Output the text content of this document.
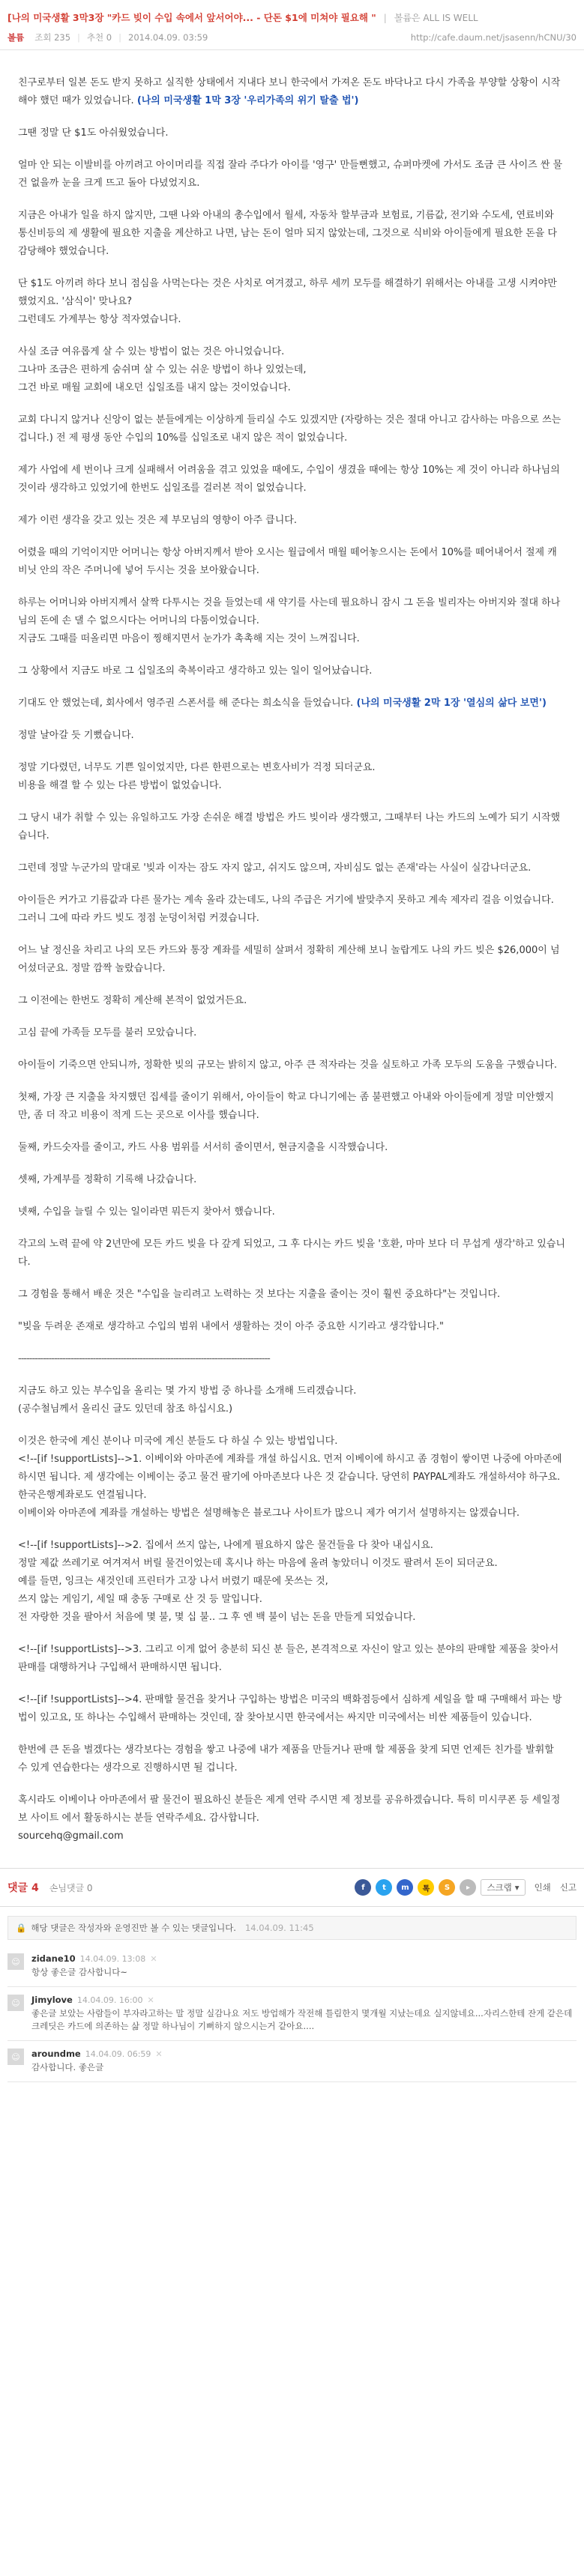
[나의 미국생활 3막3장 "카드 빚이 수입 속에서 앞서어야... - 단돈 $1에 미쳐야 필요해 " | 볼륨은 ALL IS WELL
볼륨 조회 235 | 추천 0 | 2014.04.09. 03:59	http://cafe.daum.net/jsasenn/hCNU/30

친구로부터 일본 돈도 받지 못하고 실직한 상태에서 지내다 보니 한국에서 가져온 돈도 바닥나고 다시 가족을 부양할 상황이 시작해야 했던 때가 있었습니다. (나의 미국생활 1막 3장 '우리가족의 위기 탈출 법')

그땐 정말 단 $1도 아쉬웠었습니다.

얼마 안 되는 이발비를 아끼려고 아이머리를 직접 잘라 주다가 아이를 '영구' 만들뻔했고, 슈퍼마켓에 가서도 조금 큰 사이즈 싼 물건 없을까 눈을 크게 뜨고 돌아 다녔었지요.

지금은 아내가 일을 하지 않지만, 그땐 나와 아내의 총수입에서 월세, 자동차 할부금과 보험료, 기름값, 전기와 수도세, 연료비와 통신비등의 제 생활에 필요한 지출을 계산하고 나면, 남는 돈이 얼마 되지 않았는데, 그것으로 식비와 아이들에게 필요한 돈을 다 감당해야 했었습니다.

단 $1도 아끼려 하다 보니 점심을 사먹는다는 것은 사치로 여겨졌고, 하루 세끼 모두를 해결하기 위해서는 아내를 고생 시켜야만 했었지요. '삼식이' 맞나요?
그런데도 가계부는 항상 적자였습니다.

사실 조금 여유롭게 살 수 있는 방법이 없는 것은 아니었습니다.
그나마 조금은 편하게 숨쉬며 살 수 있는 쉬운 방법이 하나 있었는데,
그건 바로 매월 교회에 내오던 십일조를 내지 않는 것이었습니다.

교회 다니지 않거나 신앙이 없는 분들에게는 이상하게 들리실 수도 있겠지만 (자랑하는 것은 절대 아니고 감사하는 마음으로 쓰는 겁니다.) 전 제 평생 동안 수입의 10%를 십일조로 내지 않은 적이 없었습니다.

제가 사업에 세 번이나 크게 실패해서 어려움을 겪고 있었을 때에도, 수입이 생겼을 때에는 항상 10%는 제 것이 아니라 하나님의 것이라 생각하고 있었기에 한번도 십일조를 걸러본 적이 없었습니다.

제가 이런 생각을 갖고 있는 것은 제 부모님의 영향이 아주 큽니다.

어렸을 때의 기억이지만 어머니는 항상 아버지께서 받아 오시는 월급에서 매월 떼어놓으시는 돈에서 10%를 떼어내어서 절제 캐비닛 안의 작은 주머니에 넣어 두시는 것을 보아왔습니다.

하루는 어머니와 아버지께서 살짝 다투시는 것을 들었는데 새 약기를 사는데 필요하니 잠시 그 돈을 빌리자는 아버지와 절대 하나님의 돈에 손 댈 수 없으시다는 어머니의 다툼이었습니다.
지금도 그때를 떠올리면 마음이 찡해지면서 눈가가 촉촉해 지는 것이 느껴집니다.

그 상황에서 지금도 바로 그 십일조의 축복이라고 생각하고 있는 일이 일어났습니다.

기대도 안 했었는데, 회사에서 영주권 스폰서를 해 준다는 희소식을 들었습니다. (나의 미국생활 2막 1장 '열심의 삶다 보면')

정말 날아갈 듯 기뻤습니다.

정말 기다렸던, 너무도 기쁜 일이었지만, 다른 한편으로는 변호사비가 걱정 되더군요.
비용을 해결 할 수 있는 다른 방법이 없었습니다.

그 당시 내가 취할 수 있는 유일하고도 가장 손쉬운 해결 방법은 카드 빚이라 생각했고, 그때부터 나는 카드의 노예가 되기 시작했습니다.

그런데 정말 누군가의 말대로 '빚과 이자는 잠도 자지 않고, 쉬지도 않으며, 자비심도 없는 존재'라는 사실이 실감나더군요.

아이들은 커가고 기름값과 다른 물가는 계속 올라 갔는데도, 나의 주급은 거기에 발맞추지 못하고 계속 제자리 걸음 이었습니다.
그러니 그에 따라 카드 빚도 정점 눈덩이처럼 커졌습니다.

어느 날 정신을 차리고 나의 모든 카드와 통장 계좌를 세밀히 살펴서 정확히 계산해 보니 놀랍게도 나의 카드 빚은 $26,000이 넘어섰더군요. 정말 깜짝 놀랐습니다.

그 이전에는 한번도 정확히 계산해 본적이 없었거든요.

고심 끝에 가족들 모두를 불러 모았습니다.

아이들이 기죽으면 안되니까, 정확한 빚의 규모는 밝히지 않고, 아주 큰 적자라는 것을 실토하고 가족 모두의 도움을 구했습니다.

첫째, 가장 큰 지출을 차지했던 집세를 줄이기 위해서, 아이들이 학교 다니기에는 좀 불편했고 아내와 아이들에게 정말 미안했지만, 좀 더 작고 비용이 적게 드는 곳으로 이사를 했습니다.

둘째, 카드숫자를 줄이고, 카드 사용 범위를 서서히 줄이면서, 현금지출을 시작했습니다.

셋째, 가계부를 정확히 기록해 나갔습니다.

넷째, 수입을 늘릴 수 있는 일이라면 뭐든지 찾아서 했습니다.

각고의 노력 끝에 약 2년만에 모든 카드 빚을 다 갚게 되었고, 그 후 다시는 카드 빚을 '호환, 마마 보다 더 무섭게 생각'하고 있습니다.

그 경험을 통해서 배운 것은 "수입을 늘리려고 노력하는 것 보다는 지출을 줄이는 것이 훨씬 중요하다"는 것입니다.

"빚을 두려운 존재로 생각하고 수입의 범위 내에서 생활하는 것이 아주 중요한 시기라고 생각합니다."

-------------------------------------------------------------------------------------------

지금도 하고 있는 부수입을 올리는 몇 가지 방법 중 하나를 소개해 드리겠습니다.
(공수철님께서 올리신 글도 있던데 참조 하십시요.)

이것은 한국에 계신 분이나 미국에 계신 분들도 다 하실 수 있는 방법입니다.
<!--[if !supportLists]-->1. 이베이와 아마존에 계좌를 개설 하십시요. 먼저 이베이에 하시고 좀 경험이 쌓이면 나중에 아마존에 하시면 됩니다. 제 생각에는 이베이는 중고 물건 팔기에 아마존보다 나은 것 같습니다. 당연히 PAYPAL계좌도 개설하셔야 하구요. 한국은행계좌로도 연결됩니다.
이베이와 아마존에 계좌를 개설하는 방법은 설명해놓은 블로그나 사이트가 많으니 제가 여기서 설명하지는 않겠습니다.

<!--[if !supportLists]-->2. 집에서 쓰지 않는, 나에게 필요하지 않은 물건들을 다 찾아 내십시요.
정말 제값 쓰레기로 여겨져서 버릴 물건이었는데 혹시나 하는 마음에 올려 놓았더니 이것도 팔려서 돈이 되더군요.
예를 들면, 잉크는 새것인데 프린터가 고장 나서 버렸기 때문에 못쓰는 것,
쓰지 않는 게임기, 세일 때 충동 구매로 산 것 등 말입니다.
전 자랑한 것을 팔아서 처음에 몇 불, 몇 십 불.. 그 후 엔 백 불이 넘는 돈을 만들게 되었습니다.

<!--[if !supportLists]-->3. 그리고 이게 없어 충분히 되신 분 들은, 본격적으로 자신이 알고 있는 분야의 판매할 제품을 찾아서 판매를 대행하거나 구입해서 판매하시면 됩니다.

<!--[if !supportLists]-->4. 판매할 물건을 찾거나 구입하는 방법은 미국의 백화점등에서 심하게 세일을 할 때 구매해서 파는 방법이 있고요, 또 하나는 수입해서 판매하는 것인데, 잘 찾아보시면 한국에서는 싸지만 미국에서는 비싼 제품들이 있습니다.

한번에 큰 돈을 벌겠다는 생각보다는 경험을 쌓고 나중에 내가 제품을 만들거나 판매 할 제품을 찾게 되면 언제든 친가를 발휘할 수 있게 연습한다는 생각으로 진행하시면 될 겁니다.

혹시라도 이베이나 아마존에서 팔 물건이 필요하신 분들은 제게 연락 주시면 제 정보를 공유하겠습니다. 특히 미시쿠폰 등 세일정보 사이트 에서 활동하시는 분들 연락주세요. 감사합니다.
sourcehq@gmail.com

댓글 4 손님댓글 0	f	t	m	톡	S	▸	스크랩 ▾ 인쇄 신고
🔒 해당 댓글은 작성자와 운영진만 볼 수 있는 댓글입니다. 14.04.09. 11:45
☺	zidane10 14.04.09. 13:08 ✕
항상 좋은글 감사합니다~
☺	Jimylove 14.04.09. 16:00 ✕
좋은글 보았는 사람들이 부자라고하는 말 정말 실감나요 저도 방업해가 작전해 틀림한지 몇개월 지났는데요 실지않네요...자리스한테 잔게 같은데 크레딧은 카드에 의존하는 삶 정말 하나님이 기뻐하지 않으시는거 같아요....
☺	aroundme 14.04.09. 06:59 ✕
감사합니다. 좋은글
